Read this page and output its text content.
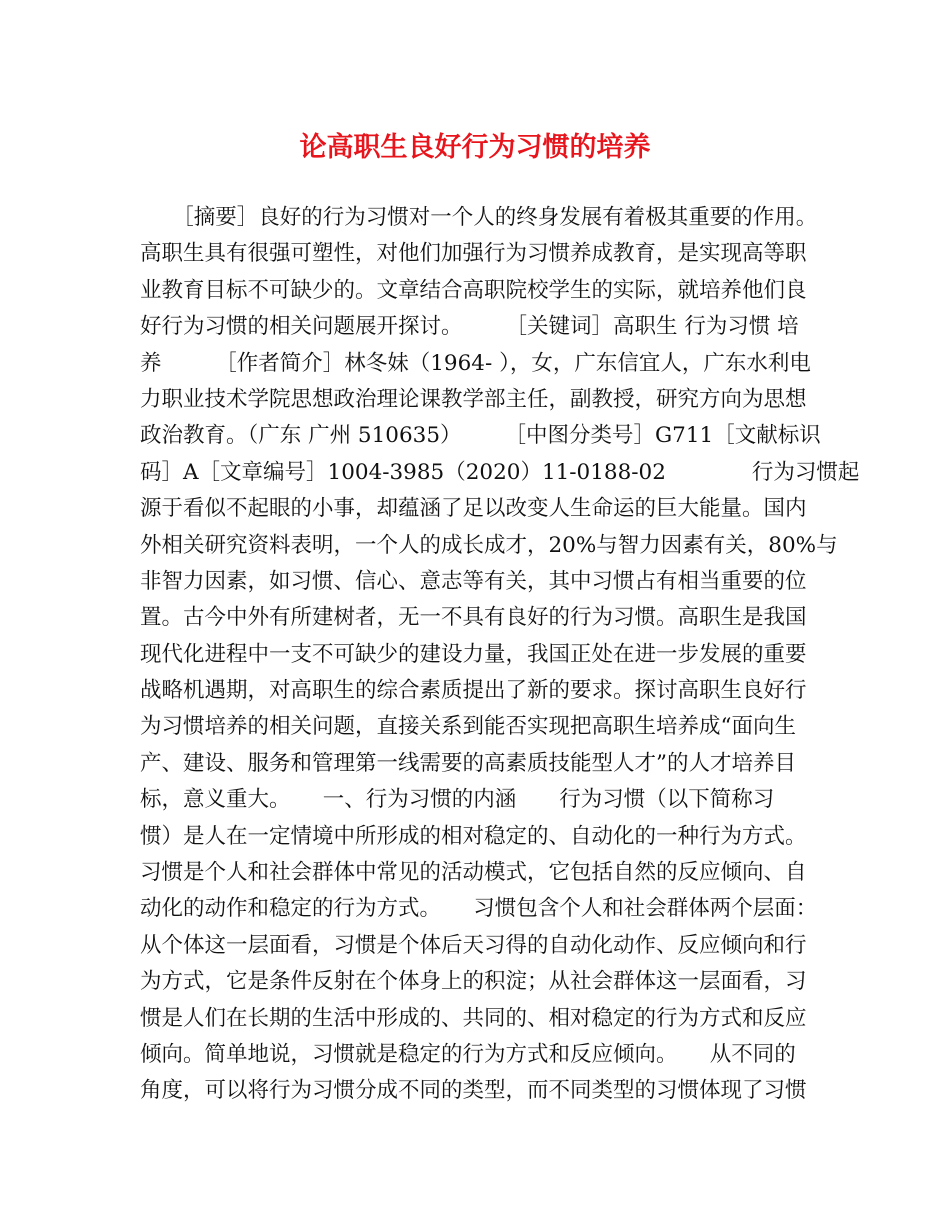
论高职生良好行为习惯的培养
　　［摘要］良好的行为习惯对一个人的终身发展有着极其重要的作用。
高职生具有很强可塑性，对他们加强行为习惯养成教育，是实现高等职
业教育目标不可缺少的。文章结合高职院校学生的实际，就培养他们良
好行为习惯的相关问题展开探讨。　　　［关键词］高职生 行为习惯 培
养　　　［作者简介］林冬妹（1964- ），女，广东信宜人，广东水利电
力职业技术学院思想政治理论课教学部主任，副教授，研究方向为思想
政治教育。（广东 广州 510635）　　　［中图分类号］G711［文献标识
码］A［文章编号］1004-3985（2020）11-0188-02　　　　行为习惯起
源于看似不起眼的小事，却蕴涵了足以改变人生命运的巨大能量。国内
外相关研究资料表明，一个人的成长成才，20%与智力因素有关，80%与
非智力因素，如习惯、信心、意志等有关，其中习惯占有相当重要的位
置。古今中外有所建树者，无一不具有良好的行为习惯。高职生是我国
现代化进程中一支不可缺少的建设力量，我国正处在进一步发展的重要
战略机遇期，对高职生的综合素质提出了新的要求。探讨高职生良好行
为习惯培养的相关问题，直接关系到能否实现把高职生培养成“面向生
产、建设、服务和管理第一线需要的高素质技能型人才”的人才培养目
标，意义重大。　　一、行为习惯的内涵　　行为习惯（以下简称习
惯）是人在一定情境中所形成的相对稳定的、自动化的一种行为方式。
习惯是个人和社会群体中常见的活动模式，它包括自然的反应倾向、自
动化的动作和稳定的行为方式。　　习惯包含个人和社会群体两个层面：
从个体这一层面看，习惯是个体后天习得的自动化动作、反应倾向和行
为方式，它是条件反射在个体身上的积淀；从社会群体这一层面看，习
惯是人们在长期的生活中形成的、共同的、相对稳定的行为方式和反应
倾向。简单地说，习惯就是稳定的行为方式和反应倾向。　　从不同的
角度，可以将行为习惯分成不同的类型，而不同类型的习惯体现了习惯
